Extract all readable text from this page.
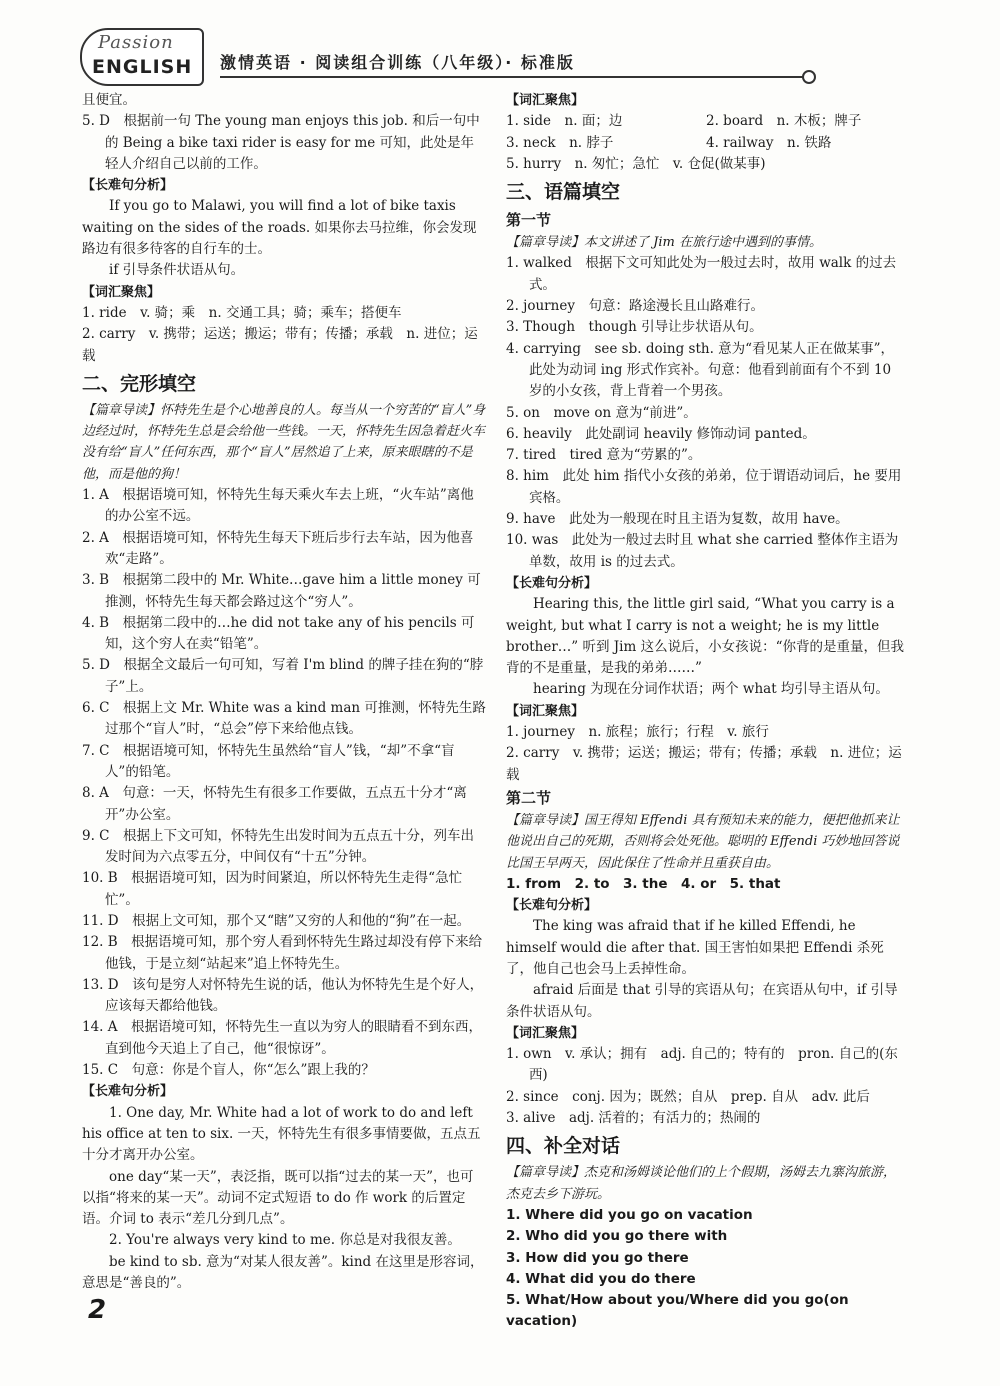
Passion
ENGLISH 激情英语 · 阅读组合训练（八年级）· 标准版

且便宜。

5. D　根据前一句 The young man enjoys this job. 和后一句中的 Being a bike taxi rider is easy for me 可知，此处是年轻人介绍自己以前的工作。

【长难句分析】

If you go to Malawi, you will find a lot of bike taxis waiting on the sides of the roads. 如果你去马拉维，你会发现路边有很多待客的自行车的士。

if 引导条件状语从句。

【词汇聚焦】

1. ride　v. 骑；乘　n. 交通工具；骑；乘车；搭便车

2. carry　v. 携带；运送；搬运；带有；传播；承载　n. 进位；运载

二、完形填空

【篇章导读】怀特先生是个心地善良的人。每当从一个穷苦的“盲人”身边经过时，怀特先生总是会给他一些钱。一天，怀特先生因急着赶火车没有给“盲人”任何东西，那个“盲人”居然追了上来，原来眼瞎的不是他，而是他的狗！

1. A　根据语境可知，怀特先生每天乘火车去上班，“火车站”离他的办公室不远。

2. A　根据语境可知，怀特先生每天下班后步行去车站，因为他喜欢“走路”。

3. B　根据第二段中的 Mr. White…gave him a little money 可推测，怀特先生每天都会路过这个“穷人”。

4. B　根据第二段中的…he did not take any of his pencils 可知，这个穷人在卖“铅笔”。

5. D　根据全文最后一句可知，写着 I'm blind 的牌子挂在狗的“脖子”上。

6. C　根据上文 Mr. White was a kind man 可推测，怀特先生路过那个“盲人”时，“总会”停下来给他点钱。

7. C　根据语境可知，怀特先生虽然给“盲人”钱，“却”不拿“盲人”的铅笔。

8. A　句意：一天，怀特先生有很多工作要做，五点五十分才“离开”办公室。

9. C　根据上下文可知，怀特先生出发时间为五点五十分，列车出发时间为六点零五分，中间仅有“十五”分钟。

10. B　根据语境可知，因为时间紧迫，所以怀特先生走得“急忙忙”。

11. D　根据上文可知，那个又“瞎”又穷的人和他的“狗”在一起。

12. B　根据语境可知，那个穷人看到怀特先生路过却没有停下来给他钱，于是立刻“站起来”追上怀特先生。

13. D　该句是穷人对怀特先生说的话，他认为怀特先生是个好人，应该每天都给他钱。

14. A　根据语境可知，怀特先生一直以为穷人的眼睛看不到东西，直到他今天追上了自己，他“很惊讶”。

15. C　句意：你是个盲人，你“怎么”跟上我的？

【长难句分析】

1. One day, Mr. White had a lot of work to do and left his office at ten to six. 一天，怀特先生有很多事情要做，五点五十分才离开办公室。

one day“某一天”，表泛指，既可以指“过去的某一天”，也可以指“将来的某一天”。动词不定式短语 to do 作 work 的后置定语。介词 to 表示“差几分到几点”。

2. You're always very kind to me. 你总是对我很友善。

be kind to sb. 意为“对某人很友善”。kind 在这里是形容词，意思是“善良的”。

【词汇聚焦】

1. side　n. 面；边	2. board　n. 木板；牌子
3. neck　n. 脖子	4. railway　n. 铁路

5. hurry　n. 匆忙；急忙　v. 仓促(做某事)

三、语篇填空

第一节

【篇章导读】本文讲述了 Jim 在旅行途中遇到的事情。

1. walked　根据下文可知此处为一般过去时，故用 walk 的过去式。

2. journey　句意：路途漫长且山路难行。

3. Though　though 引导让步状语从句。

4. carrying　see sb. doing sth. 意为“看见某人正在做某事”，此处为动词 ing 形式作宾补。句意：他看到前面有个不到 10 岁的小女孩，背上背着一个男孩。

5. on　move on 意为“前进”。

6. heavily　此处副词 heavily 修饰动词 panted。

7. tired　tired 意为“劳累的”。

8. him　此处 him 指代小女孩的弟弟，位于谓语动词后，he 要用宾格。

9. have　此处为一般现在时且主语为复数，故用 have。

10. was　此处为一般过去时且 what she carried 整体作主语为单数，故用 is 的过去式。

【长难句分析】

Hearing this, the little girl said, “What you carry is a weight, but what I carry is not a weight; he is my little brother…” 听到 Jim 这么说后，小女孩说：“你背的是重量，但我背的不是重量，是我的弟弟……”

hearing 为现在分词作状语；两个 what 均引导主语从句。

【词汇聚焦】

1. journey　n. 旅程；旅行；行程　v. 旅行

2. carry　v. 携带；运送；搬运；带有；传播；承载　n. 进位；运载

第二节

【篇章导读】国王得知 Effendi 具有预知未来的能力，便把他抓来让他说出自己的死期，否则将会处死他。聪明的 Effendi 巧妙地回答说比国王早两天，因此保住了性命并且重获自由。

1. from　2. to　3. the　4. or　5. that

【长难句分析】

The king was afraid that if he killed Effendi, he himself would die after that. 国王害怕如果把 Effendi 杀死了，他自己也会马上丢掉性命。

afraid 后面是 that 引导的宾语从句；在宾语从句中，if 引导条件状语从句。

【词汇聚焦】

1. own　v. 承认；拥有　adj. 自己的；特有的　pron. 自己的(东西)

2. since　conj. 因为；既然；自从　prep. 自从　adv. 此后

3. alive　adj. 活着的；有活力的；热闹的

四、补全对话

【篇章导读】杰克和汤姆谈论他们的上个假期，汤姆去九寨沟旅游，杰克去乡下游玩。

1. Where did you go on vacation

2. Who did you go there with

3. How did you go there

4. What did you do there

5. What/How about you/Where did you go(on vacation)

2
